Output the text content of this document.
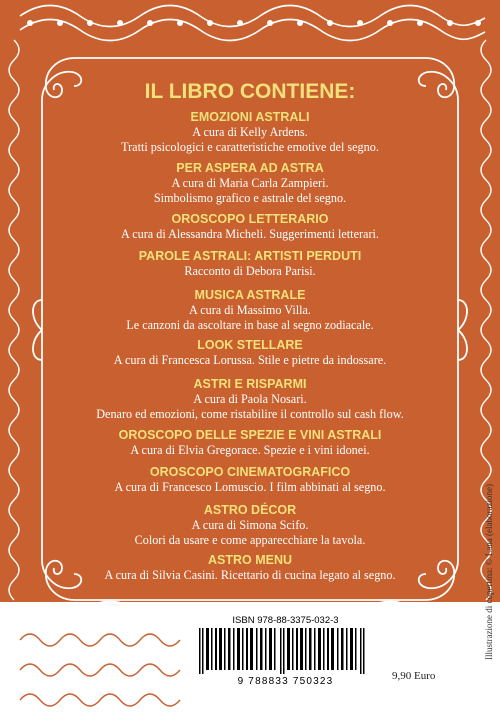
IL LIBRO CONTIENE:
EMOZIONI ASTRALI
A cura di Kelly Ardens.
Tratti psicologici e caratteristiche emotive del segno.
PER ASPERA AD ASTRA
A cura di Maria Carla Zampieri.
Simbolismo grafico e astrale del segno.
OROSCOPO LETTERARIO
A cura di Alessandra Micheli. Suggerimenti letterari.
PAROLE ASTRALI: ARTISTI PERDUTI
Racconto di Debora Parisi.
MUSICA ASTRALE
A cura di Massimo Villa.
Le canzoni da ascoltare in base al segno zodiacale.
LOOK STELLARE
A cura di Francesca Lorussa. Stile e pietre da indossare.
ASTRI E RISPARMI
A cura di Paola Nosari.
Denaro ed emozioni, come ristabilire il controllo sul cash flow.
OROSCOPO DELLE SPEZIE E VINI ASTRALI
A cura di Elvia Gregorace. Spezie e i vini idonei.
OROSCOPO CINEMATOGRAFICO
A cura di Francesco Lomuscio. I film abbinati al segno.
ASTRO DÉCOR
A cura di Simona Scifo.
Colori da usare e come apparecchiare la tavola.
ASTRO MENU
A cura di Silvia Casini. Ricettario di cucina legato al segno.
ISBN 978-88-3375-032-3
9 788833 750323	9,90 Euro
Illustrazione di copertina: © Lana (elaborazione)
